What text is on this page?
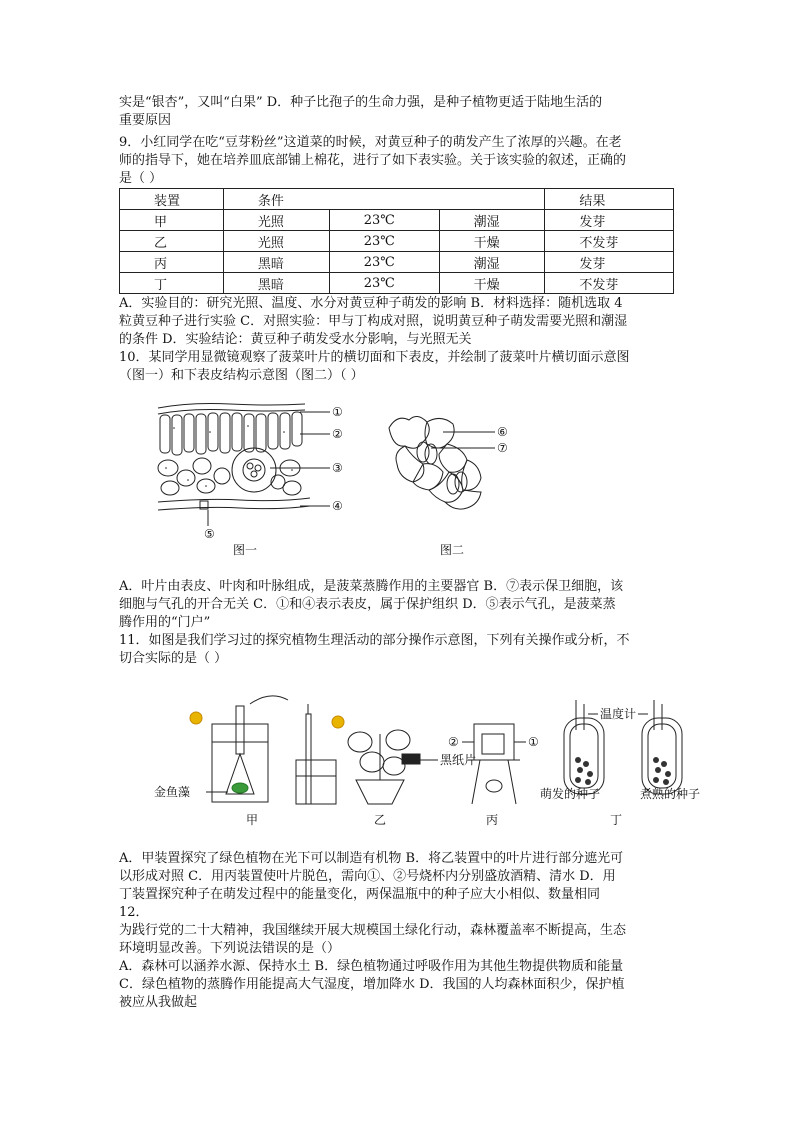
实是“银杏”，又叫“白果” D．种子比孢子的生命力强，是种子植物更适于陆地生活的

重要原因

9．小红同学在吃“豆芽粉丝”这道菜的时候，对黄豆种子的萌发产生了浓厚的兴趣。在老

师的指导下，她在培养皿底部铺上棉花，进行了如下表实验。关于该实验的叙述，正确的

是（ ）

装置	条件			结果
甲	光照	23℃	潮湿	发芽
乙	光照	23℃	干燥	不发芽
丙	黑暗	23℃	潮湿	发芽
丁	黑暗	23℃	干燥	不发芽

A．实验目的：研究光照、温度、水分对黄豆种子萌发的影响 B．材料选择：随机选取 4

粒黄豆种子进行实验 C．对照实验：甲与丁构成对照，说明黄豆种子萌发需要光照和潮湿

的条件 D．实验结论：黄豆种子萌发受水分影响，与光照无关

10．某同学用显微镜观察了菠菜叶片的横切面和下表皮，并绘制了菠菜叶片横切面示意图

（图一）和下表皮结构示意图（图二）（ ）

①
②
③
④
⑤
⑥
⑦
图一	图二

A．叶片由表皮、叶肉和叶脉组成，是菠菜蒸腾作用的主要器官 B．⑦表示保卫细胞，该

细胞与气孔的开合无关 C．①和④表示表皮，属于保护组织 D．⑤表示气孔，是菠菜蒸

腾作用的“门户”

11．如图是我们学习过的探究植物生理活动的部分操作示意图，下列有关操作或分析，不

切合实际的是（ ）

金鱼藻
黑纸片
②	①
温度计
萌发的种子	煮熟的种子
甲	乙	丙	丁

A．甲装置探究了绿色植物在光下可以制造有机物 B．将乙装置中的叶片进行部分遮光可

以形成对照 C．用丙装置使叶片脱色，需向①、②号烧杯内分别盛放酒精、清水 D．用

丁装置探究种子在萌发过程中的能量变化，两保温瓶中的种子应大小相似、数量相同

12．

为践行党的二十大精神，我国继续开展大规模国土绿化行动，森林覆盖率不断提高，生态

环境明显改善。下列说法错误的是（）

A．森林可以涵养水源、保持水土 B．绿色植物通过呼吸作用为其他生物提供物质和能量

C．绿色植物的蒸腾作用能提高大气湿度，增加降水 D．我国的人均森林面积少，保护植

被应从我做起
